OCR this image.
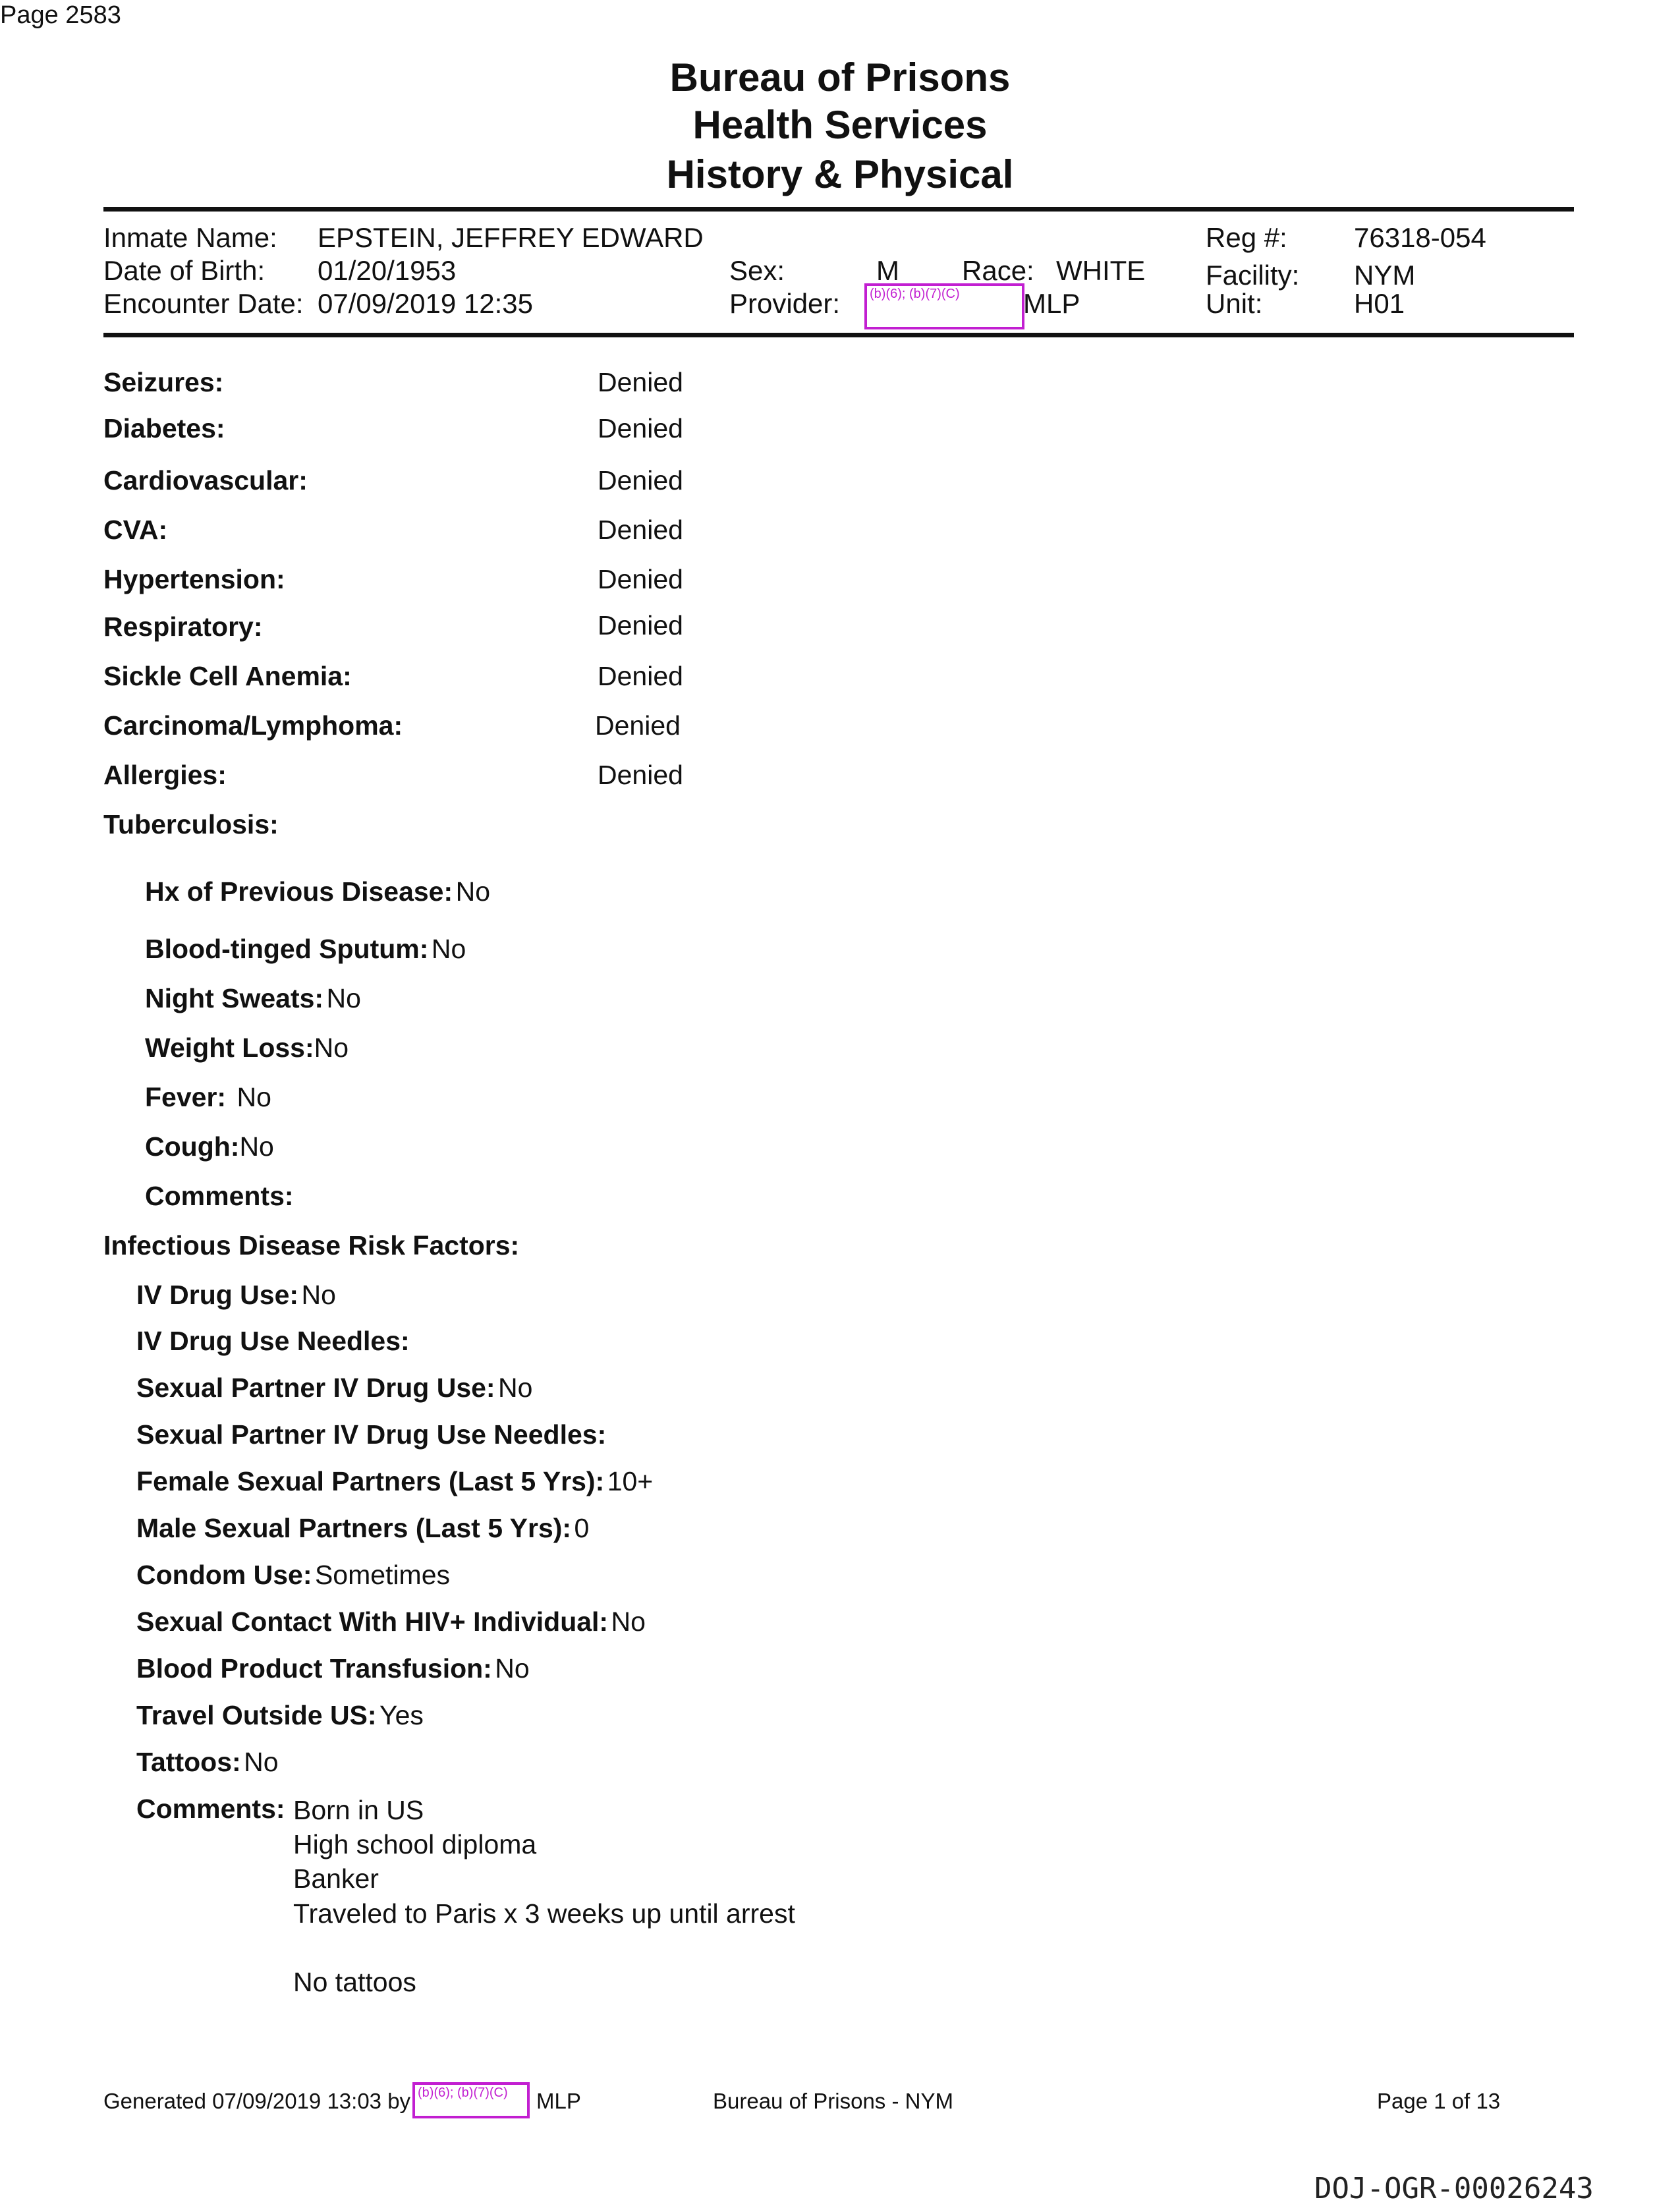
Page 2583
Bureau of Prisons
Health Services
History & Physical
Inmate Name: EPSTEIN, JEFFREY EDWARD
Date of Birth: 01/20/1953
Encounter Date: 07/09/2019 12:35
Sex:	M Race: WHITE
Provider: (b)(6); (b)(7)(C) MLP
Reg #: 76318-054
Facility: NYM
Unit:	H01
Seizures:	Denied
Diabetes:	Denied
Cardiovascular:	Denied
CVA:	Denied
Hypertension:	Denied
Respiratory:	Denied
Sickle Cell Anemia:	Denied
Carcinoma/Lymphoma:	Denied
Allergies:	Denied
Tuberculosis:
Hx of Previous Disease: No
Blood-tinged Sputum: No
Night Sweats: No
Weight Loss:No
Fever: No
Cough:No
Comments:
Infectious Disease Risk Factors:
IV Drug Use: No
IV Drug Use Needles:
Sexual Partner IV Drug Use: No
Sexual Partner IV Drug Use Needles:
Female Sexual Partners (Last 5 Yrs): 10+
Male Sexual Partners (Last 5 Yrs): 0
Condom Use: Sometimes
Sexual Contact With HIV+ Individual: No
Blood Product Transfusion: No
Travel Outside US: Yes
Tattoos: No
Comments: Born in US
High school diploma
Banker
Traveled to Paris x 3 weeks up until arrest
No tattoos
Generated 07/09/2019 13:03 by (b)(6); (b)(7)(C) MLP	Bureau of Prisons - NYM	Page 1 of 13
DOJ-OGR-00026243
